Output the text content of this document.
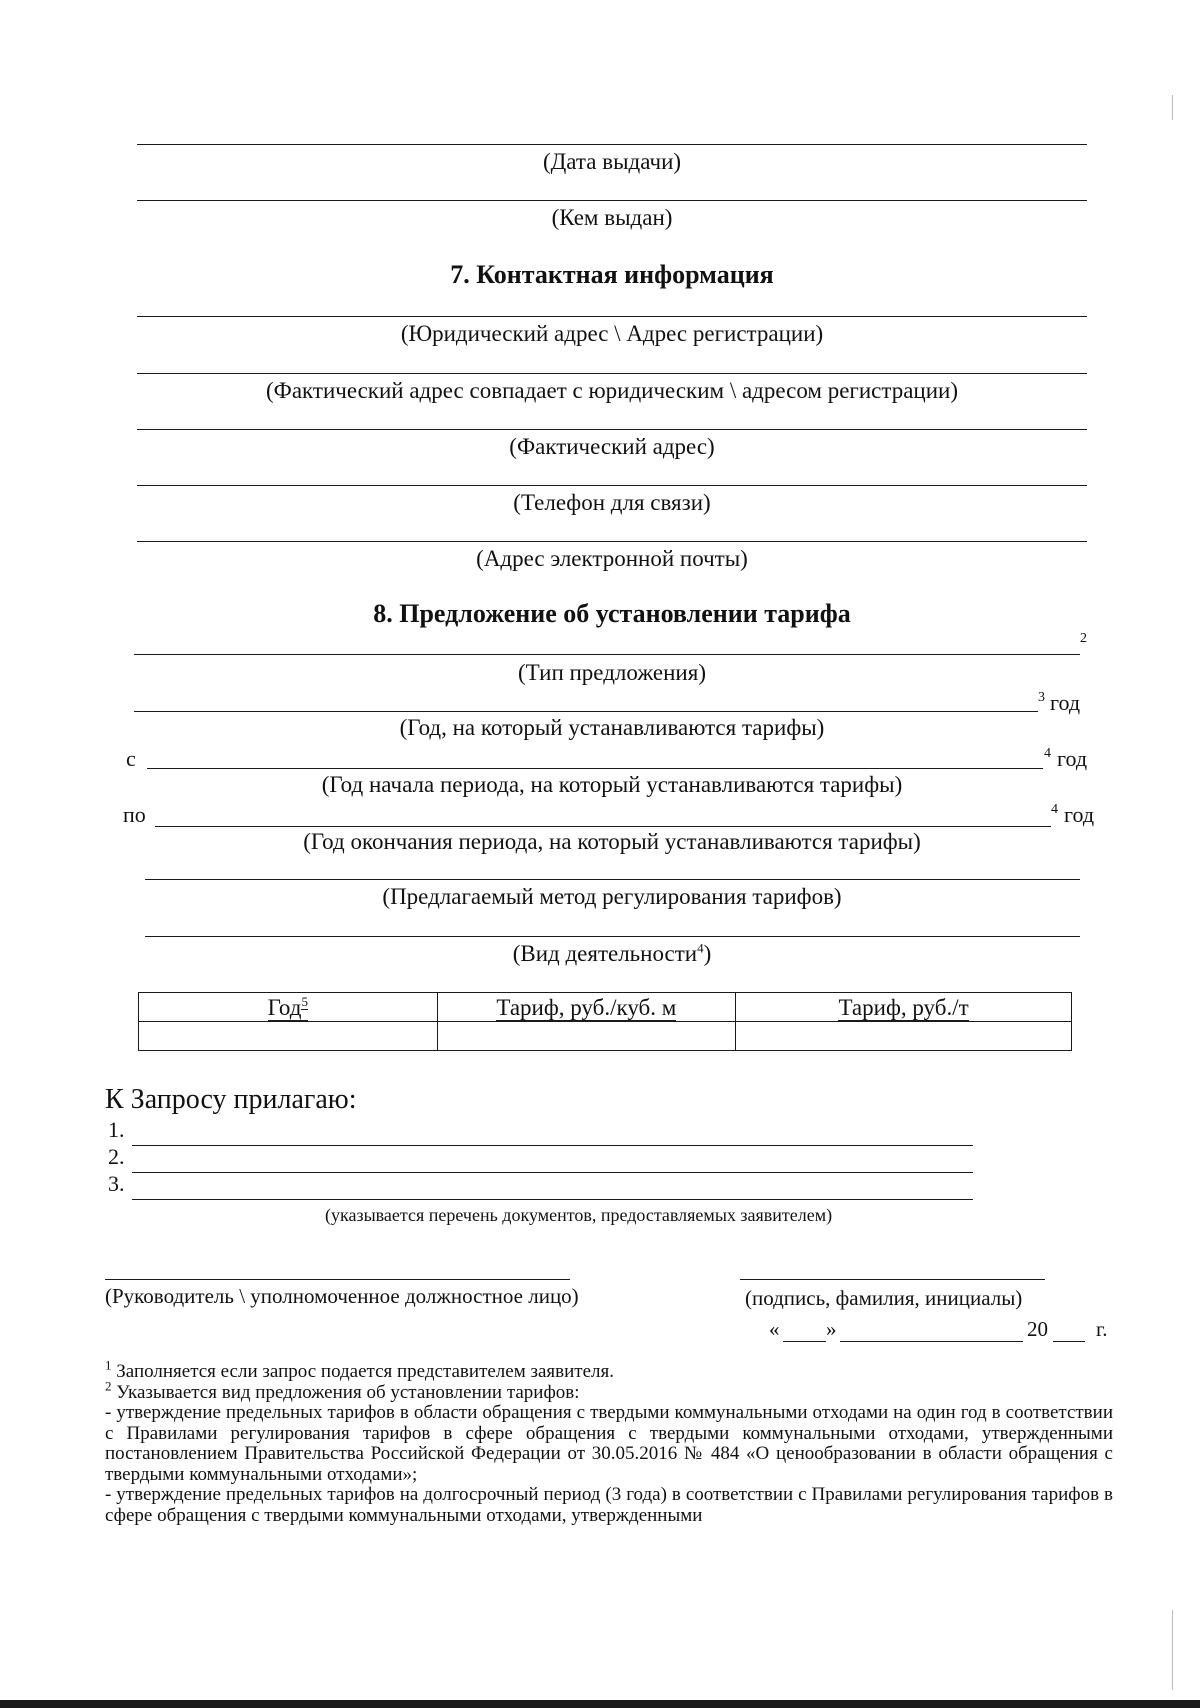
(Дата выдачи)
(Кем выдан)
7. Контактная информация
(Юридический адрес \ Адрес регистрации)
(Фактический адрес совпадает с юридическим \ адресом регистрации)
(Фактический адрес)
(Телефон для связи)
(Адрес электронной почты)
8. Предложение об установлении тарифа
2
(Тип предложения)
3 год
(Год, на который устанавливаются тарифы)
с	4 год
(Год начала периода, на который устанавливаются тарифы)
по	4 год
(Год окончания периода, на который устанавливаются тарифы)
(Предлагаемый метод регулирования тарифов)
(Вид деятельности$^4$)
Год$^5$	Тариф, руб./куб. м	Тариф, руб./т

К Запросу прилагаю:
1.
2.
3.
(указывается перечень документов, предоставляемых заявителем)
(Руководитель \ уполномоченное должностное лицо)	(подпись, фамилия, инициалы)
« »	20 г.

$^1$ Заполняется если запрос подается представителем заявителя.

$^2$ Указывается вид предложения об установлении тарифов:

- утверждение предельных тарифов в области обращения с твердыми коммунальными отходами на один год в соответствии с Правилами регулирования тарифов в сфере обращения с твердыми коммунальными отходами, утвержденными постановлением Правительства Российской Федерации от 30.05.2016 № 484 «О ценообразовании в области обращения с твердыми коммунальными отходами»;

- утверждение предельных тарифов на долгосрочный период (3 года) в соответствии с Правилами регулирования тарифов в сфере обращения с твердыми коммунальными отходами, утвержденными
